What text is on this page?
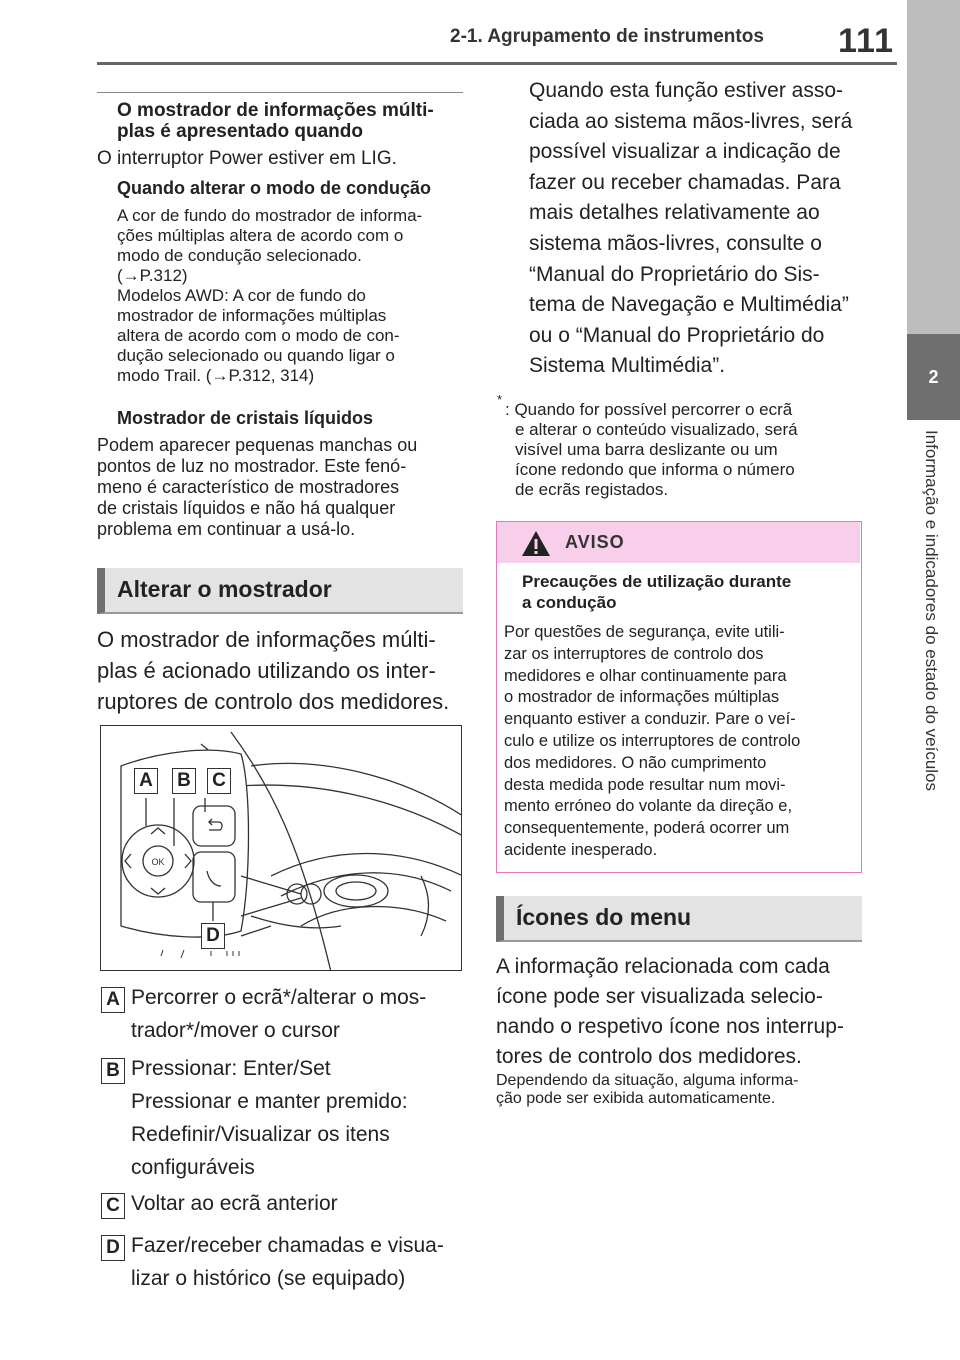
2-1. Agrupamento de instrumentos 111
2
Informação e indicadores do estado do veículos
O mostrador de informações múlti-
plas é apresentado quando
O interruptor Power estiver em LIG.
Quando alterar o modo de condução
A cor de fundo do mostrador de informa-
ções múltiplas altera de acordo com o
modo de condução selecionado.
(→P.312)
Modelos AWD: A cor de fundo do
mostrador de informações múltiplas
altera de acordo com o modo de con-
dução selecionado ou quando ligar o
modo Trail. (→P.312, 314)
Mostrador de cristais líquidos
Podem aparecer pequenas manchas ou
pontos de luz no mostrador. Este fenó-
meno é característico de mostradores
de cristais líquidos e não há qualquer
problema em continuar a usá-lo.
Alterar o mostrador
O mostrador de informações múlti-
plas é acionado utilizando os inter-
ruptores de controlo dos medidores.
OK
A B C
D
A Percorrer o ecrã*/alterar o mos-
trador*/mover o cursor
B Pressionar: Enter/Set
Pressionar e manter premido:
Redefinir/Visualizar os itens
configuráveis
C Voltar ao ecrã anterior
D Fazer/receber chamadas e visua-
lizar o histórico (se equipado)
Quando esta função estiver asso-
ciada ao sistema mãos-livres, será
possível visualizar a indicação de
fazer ou receber chamadas. Para
mais detalhes relativamente ao
sistema mãos-livres, consulte o
“Manual do Proprietário do Sis-
tema de Navegação e Multimédia”
ou o “Manual do Proprietário do
Sistema Multimédia”.
*
: Quando for possível percorrer o ecrã
e alterar o conteúdo visualizado, será
visível uma barra deslizante ou um
ícone redondo que informa o número
de ecrãs registados.
AVISO
Precauções de utilização durante
a condução
Por questões de segurança, evite utili-
zar os interruptores de controlo dos
medidores e olhar continuamente para
o mostrador de informações múltiplas
enquanto estiver a conduzir. Pare o veí-
culo e utilize os interruptores de controlo
dos medidores. O não cumprimento
desta medida pode resultar num movi-
mento erróneo do volante da direção e,
consequentemente, poderá ocorrer um
acidente inesperado.
Ícones do menu
A informação relacionada com cada
ícone pode ser visualizada selecio-
nando o respetivo ícone nos interrup-
tores de controlo dos medidores.
Dependendo da situação, alguma informa-
ção pode ser exibida automaticamente.
